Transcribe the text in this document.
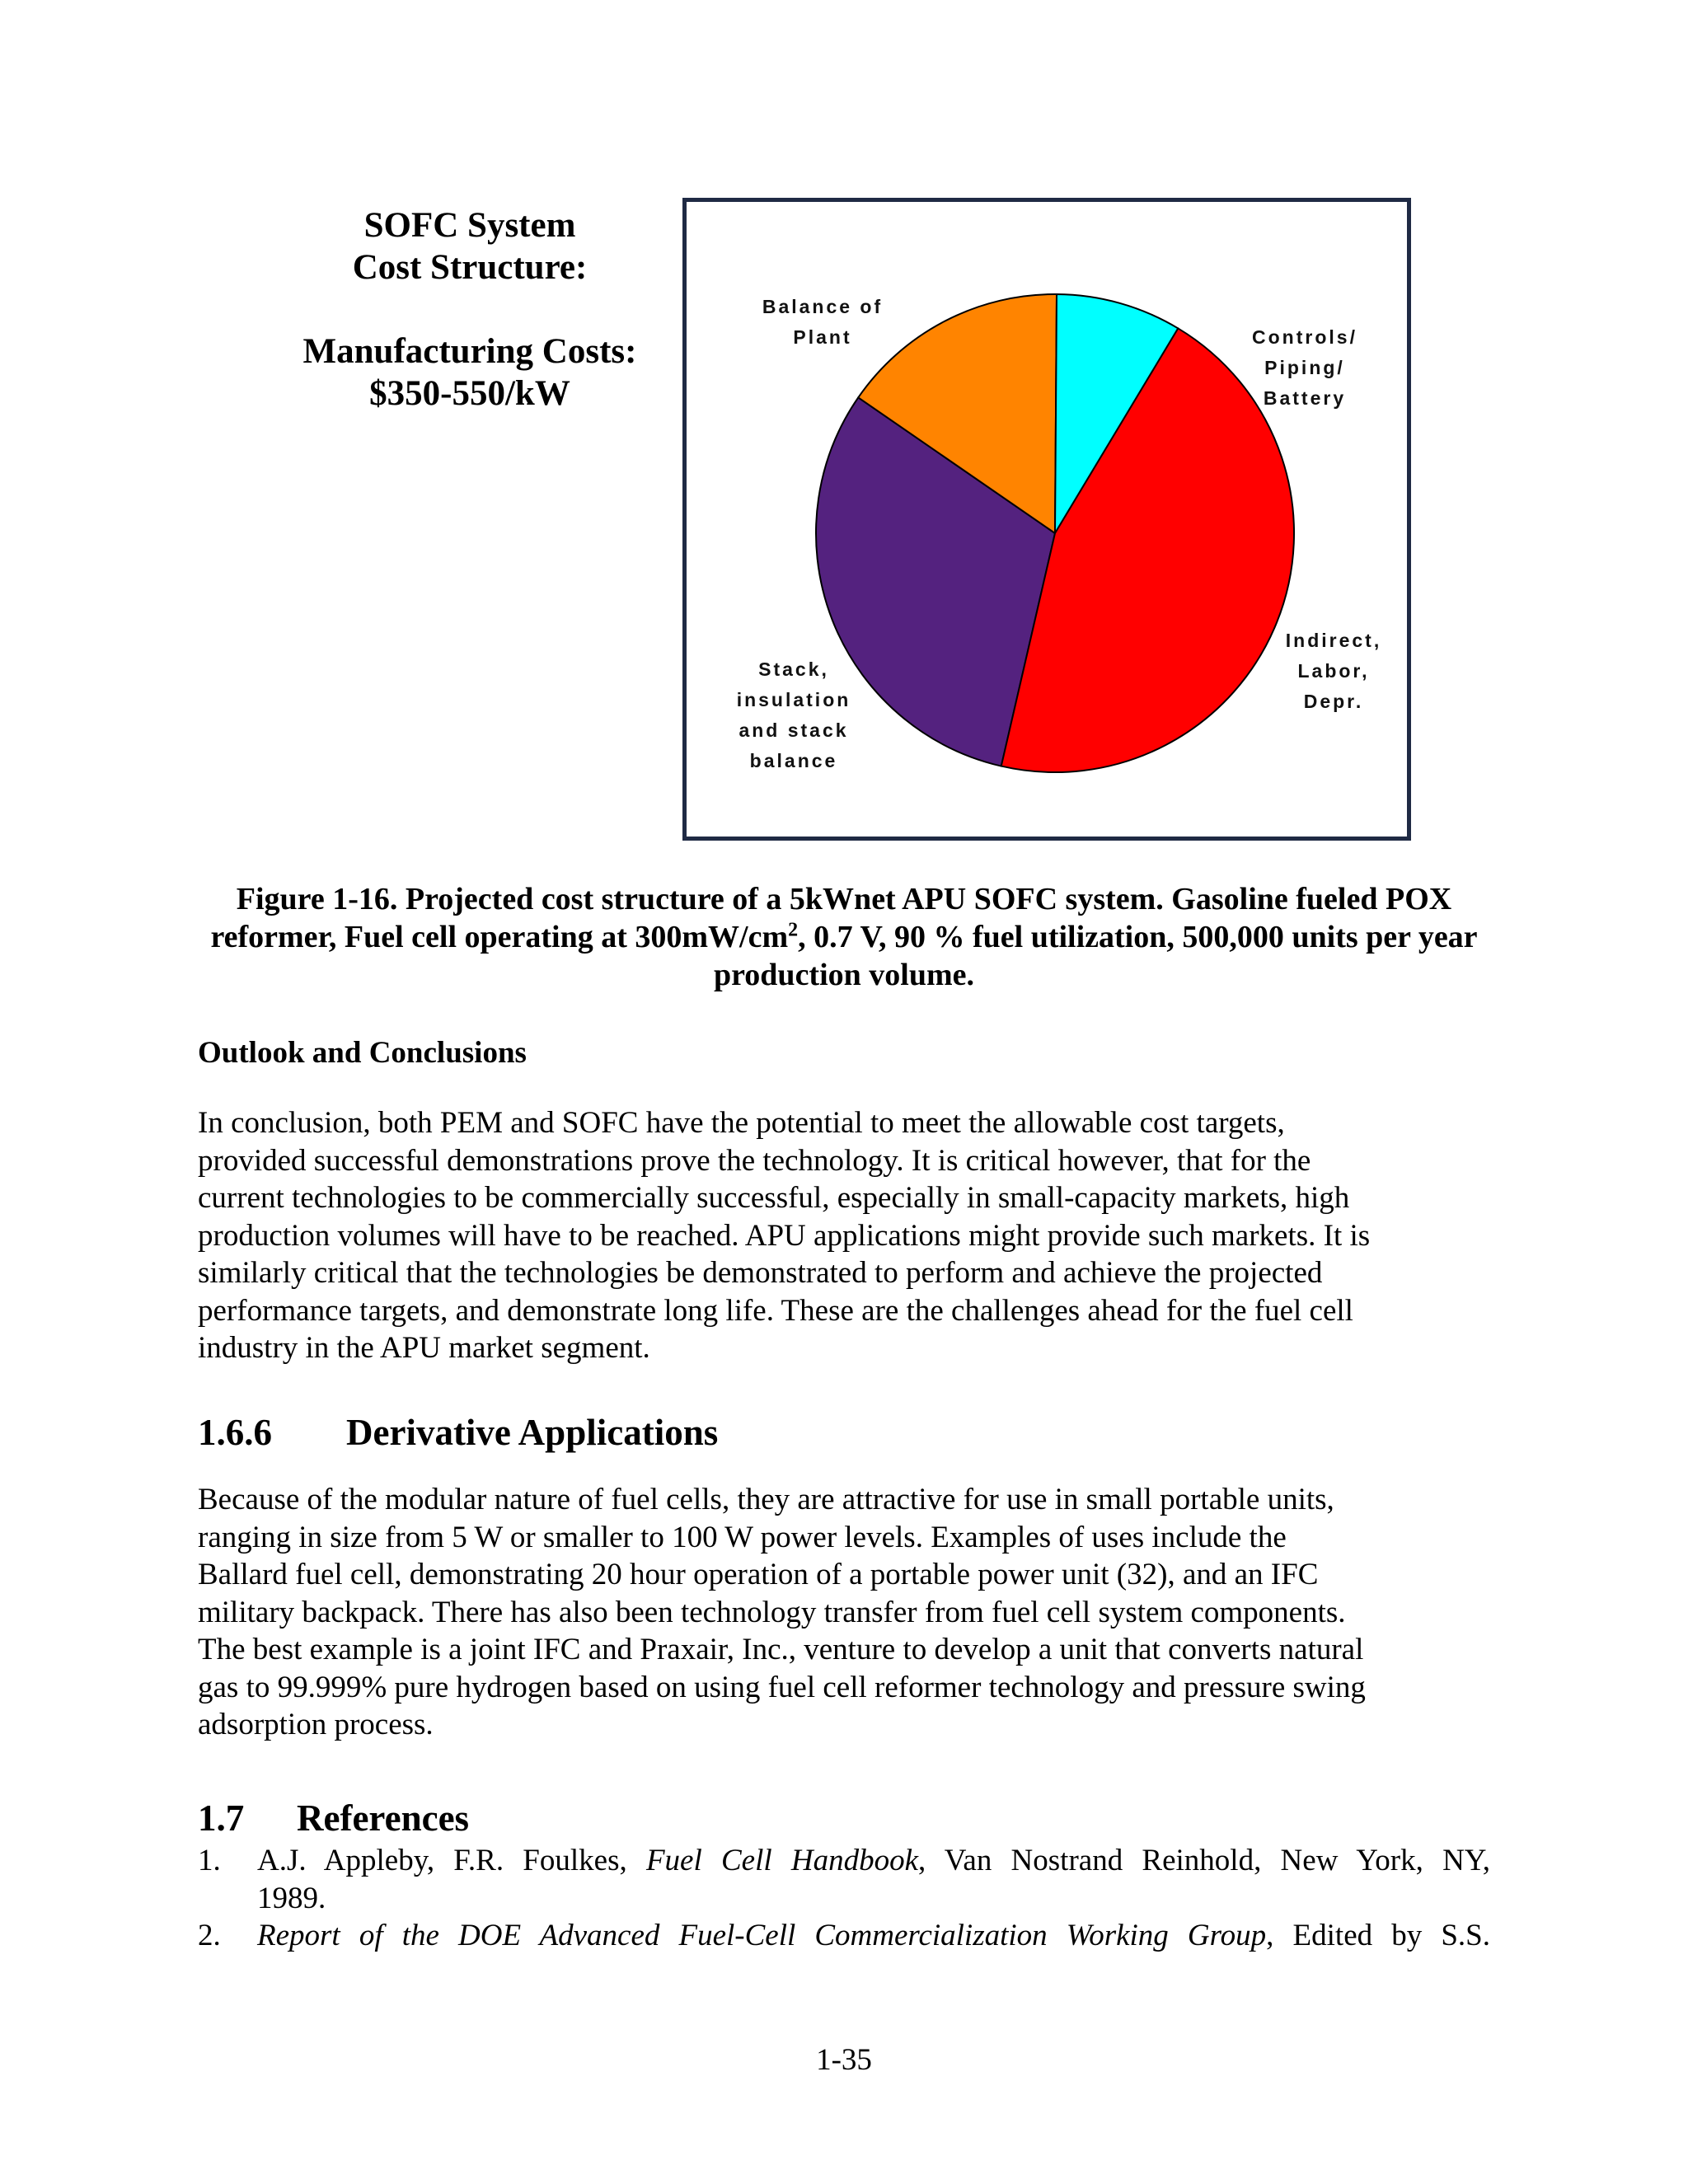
SOFC System
Cost Structure:
Manufacturing Costs:
$350-550/kW
Balance of Plant	Controls/ Piping/ Battery
Indirect, Labor, Depr.
Stack, insulation and stack balance
Figure 1-16. Projected cost structure of a 5kWnet APU SOFC system. Gasoline fueled POX reformer, Fuel cell operating at $300mW/cm^2$, 0.7 V, 90 % fuel utilization, 500,000 units per year production volume.
Outlook and Conclusions
In conclusion, both PEM and SOFC have the potential to meet the allowable cost targets,
provided successful demonstrations prove the technology. It is critical however, that for the
current technologies to be commercially successful, especially in small-capacity markets, high
production volumes will have to be reached. APU applications might provide such markets. It is
similarly critical that the technologies be demonstrated to perform and achieve the projected
performance targets, and demonstrate long life. These are the challenges ahead for the fuel cell
industry in the APU market segment.
1.6.6 Derivative Applications
Because of the modular nature of fuel cells, they are attractive for use in small portable units,
ranging in size from 5 W or smaller to 100 W power levels. Examples of uses include the
Ballard fuel cell, demonstrating 20 hour operation of a portable power unit (32), and an IFC
military backpack. There has also been technology transfer from fuel cell system components.
The best example is a joint IFC and Praxair, Inc., venture to develop a unit that converts natural
gas to 99.999% pure hydrogen based on using fuel cell reformer technology and pressure swing
adsorption process.
1.7 References
1. A.J. Appleby, F.R. Foulkes, Fuel Cell Handbook, Van Nostrand Reinhold, New York, NY,
1989.
2. Report of the DOE Advanced Fuel-Cell Commercialization Working Group, Edited by S.S.
1-35
